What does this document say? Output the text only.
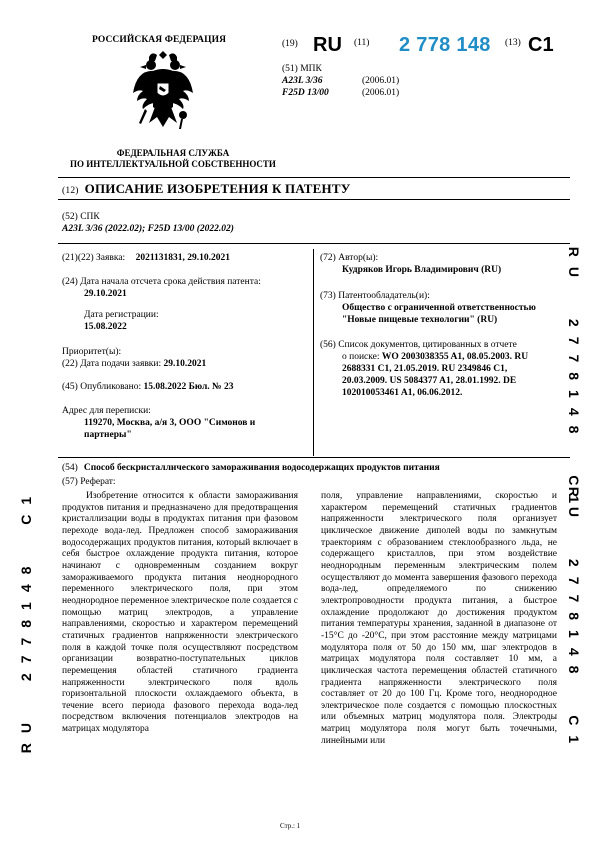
РОССИЙСКАЯ ФЕДЕРАЦИЯ
ФЕДЕРАЛЬНАЯ СЛУЖБА
ПО ИНТЕЛЛЕКТУАЛЬНОЙ СОБСТВЕННОСТИ
(19) RU (11) 2 778 148 (13) C1
(51) МПК
A23L 3/36	(2006.01)
F25D 13/00	(2006.01)
(12) ОПИСАНИЕ ИЗОБРЕТЕНИЯ К ПАТЕНТУ
(52) СПК
A23L 3/36 (2022.02); F25D 13/00 (2022.02)
(21)(22) Заявка: 2021131831, 29.10.2021
(24) Дата начала отсчета срока действия патента:
29.10.2021
Дата регистрации:
15.08.2022
Приоритет(ы):
(22) Дата подачи заявки: 29.10.2021
(45) Опубликовано: 15.08.2022 Бюл. № 23
Адрес для переписки:
119270, Москва, а/я 3, ООО "Симонов и
партнеры"
(72) Автор(ы):
Кудряков Игорь Владимирович (RU)
(73) Патентообладатель(и):
Общество с ограниченной ответственностью
"Новые пищевые технологии" (RU)
(56) Список документов, цитированных в отчете
о поиске: WO 2003038355 A1, 08.05.2003. RU
2688331 C1, 21.05.2019. RU 2349846 C1,
20.03.2009. US 5084377 A1, 28.01.1992. DE
102010053461 A1, 06.06.2012.	RU 2778148 C1
RU 2778148 C1	RU 2778148 C1
(54) Способ бескристаллического замораживания водосодержащих продуктов питания
(57) Реферат:

Изобретение относится к области замораживания продуктов питания и предназначено для предотвращения кристаллизации воды в продуктах питания при фазовом переходе вода-лед. Предложен способ замораживания водосодержащих продуктов питания, который включает в себя быстрое охлаждение продукта питания, которое начинают с одновременным созданием вокруг замораживаемого продукта питания неоднородного переменного электрического поля, при этом неоднородное переменное электрическое поле создается с помощью матриц электродов, а управление направлениями, скоростью и характером перемещений статичных градиентов напряженности электрического поля в каждой точке поля осуществляют посредством организации возвратно-поступательных циклов перемещения областей статичного градиента напряженности электрического поля вдоль горизонтальной плоскости охлаждаемого объекта, в течение всего периода фазового перехода вода-лед посредством включения потенциалов электродов на матрицах модулятора

поля, управление направлениями, скоростью и характером перемещений статичных градиентов напряженности электрического поля организует циклическое движение диполей воды по замкнутым траекториям с образованием стеклообразного льда, не содержащего кристаллов, при этом воздействие неоднородным переменным электрическим полем осуществляют до момента завершения фазового перехода вода-лед, определяемого по снижению электропроводности продукта питания, а быстрое охлаждение продолжают до достижения продуктом питания температуры хранения, заданной в диапазоне от -15°С до -20°С, при этом расстояние между матрицами модулятора поля от 50 до 150 мм, шаг электродов в матрицах модулятора поля составляет 10 мм, а циклическая частота перемещения областей статичного градиента напряженности электрического поля составляет от 20 до 100 Гц. Кроме того, неоднородное электрическое поле создается с помощью плоскостных или объемных матриц модулятора поля. Электроды матриц модулятора поля могут быть точечными, линейными или

Стр.: 1
